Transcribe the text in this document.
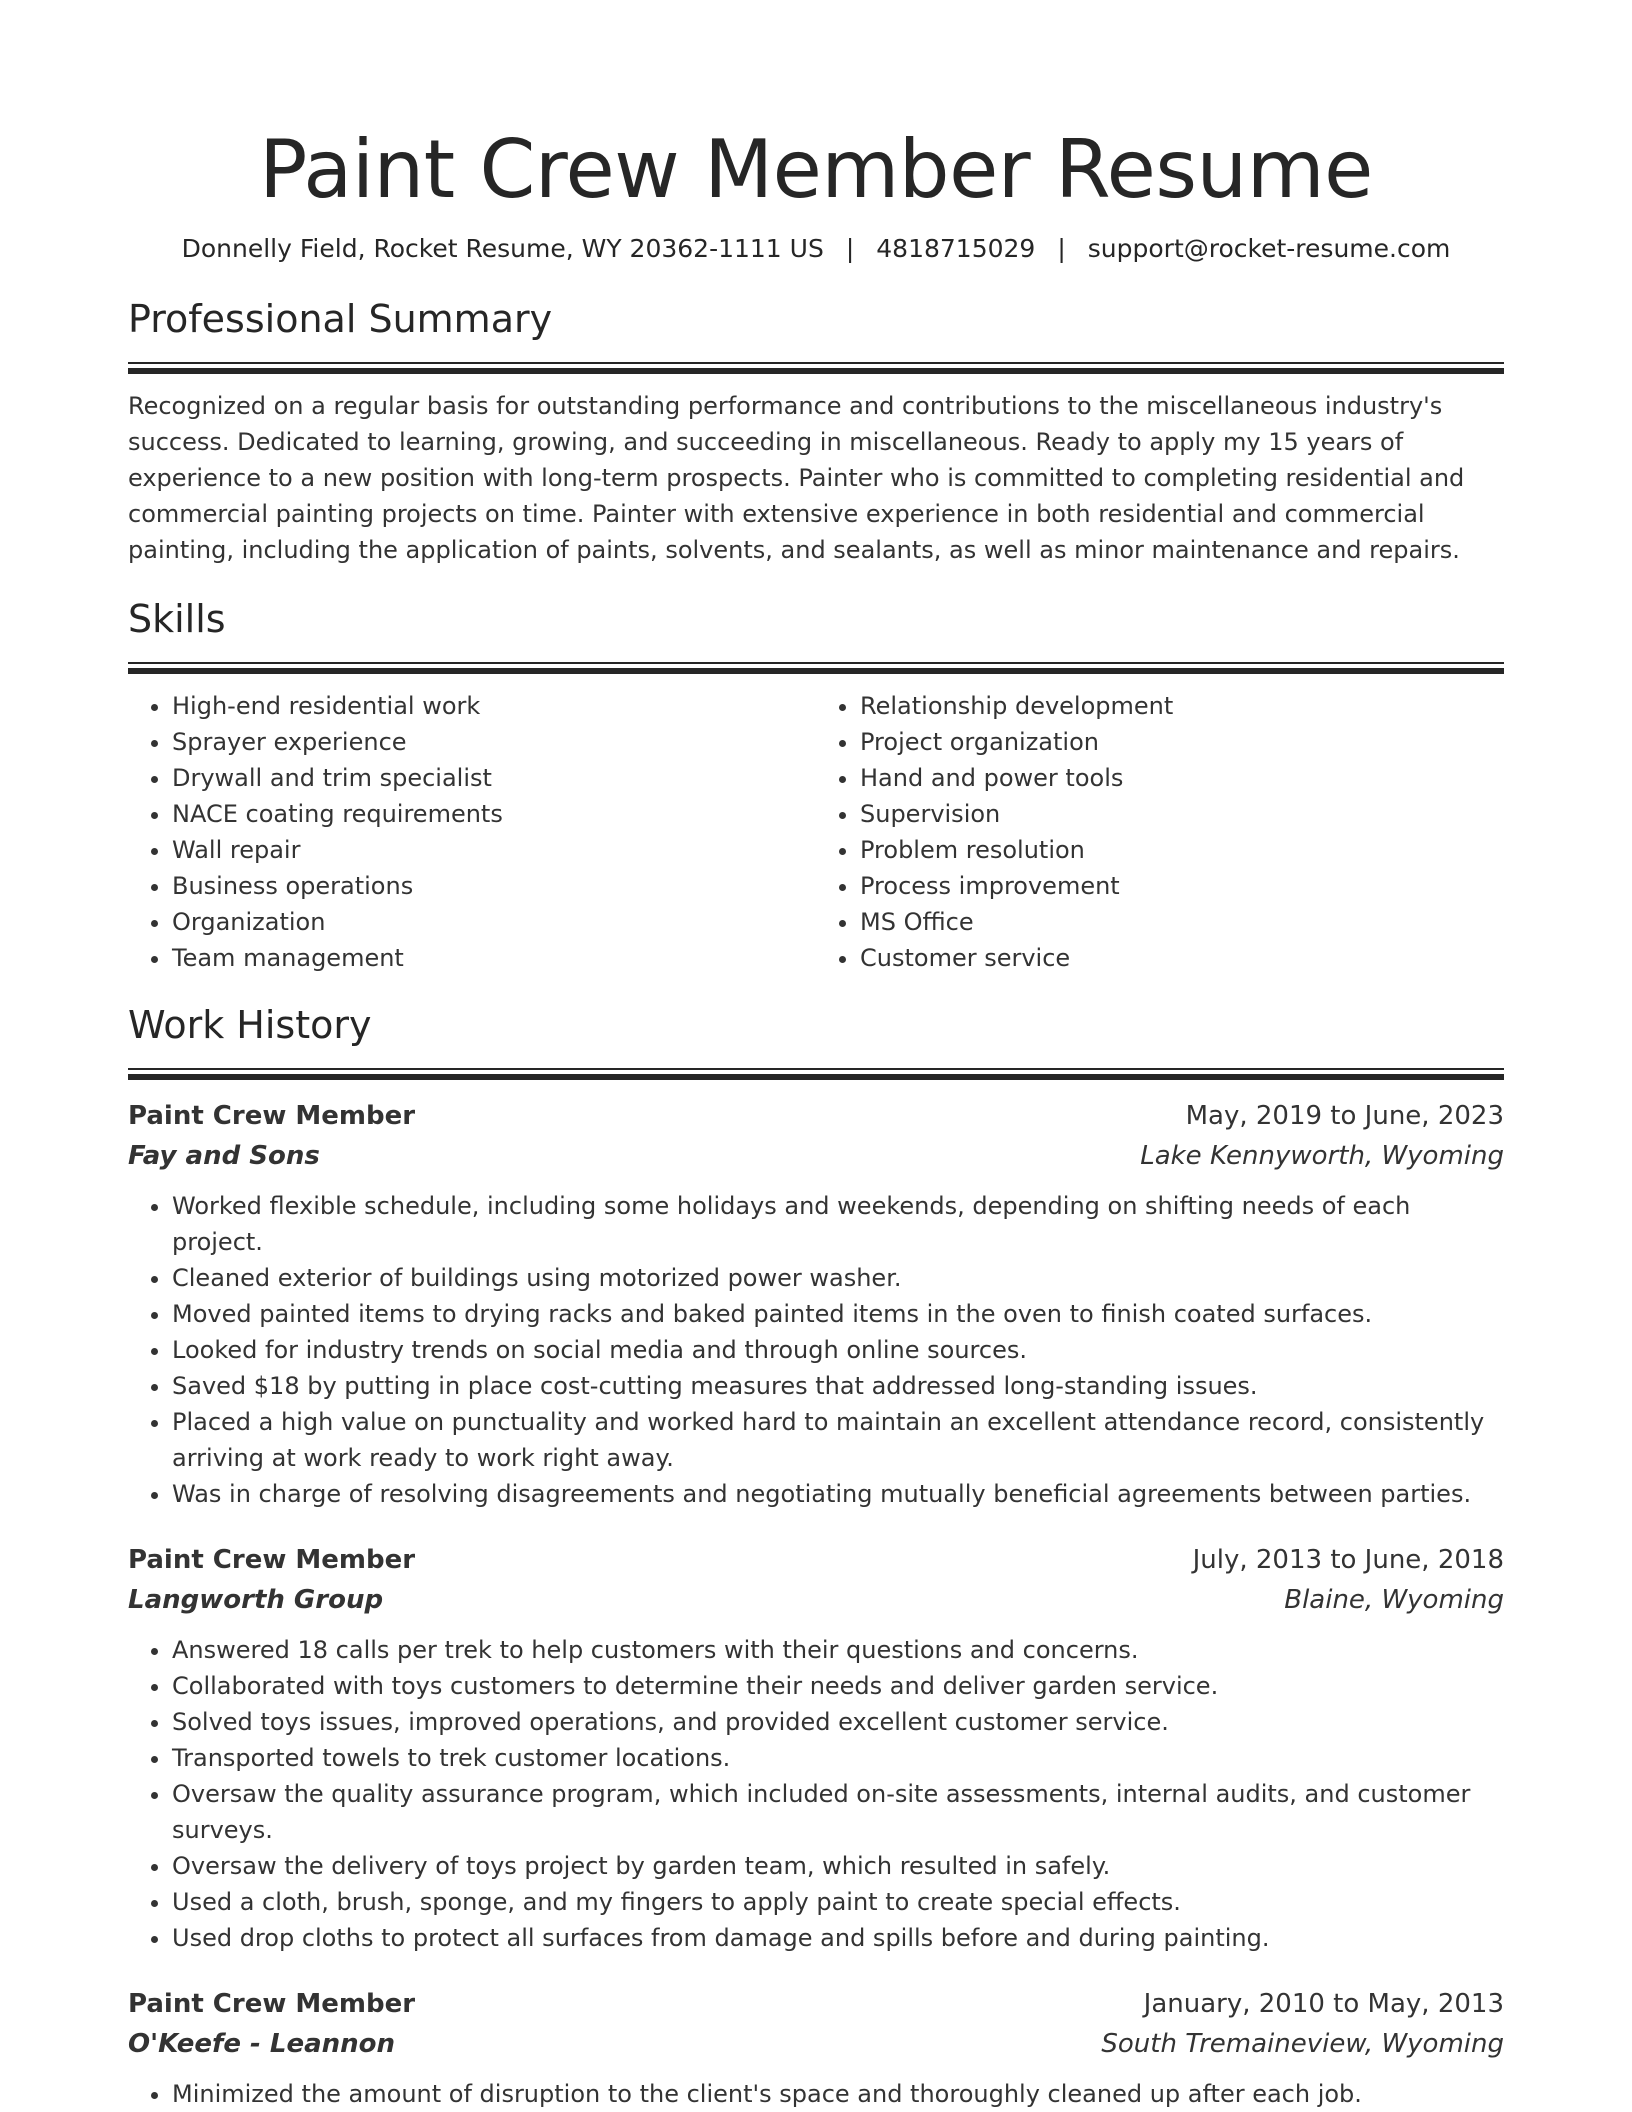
Paint Crew Member Resume
Donnelly Field, Rocket Resume, WY 20362-1111 US | 4818715029 | support@rocket-resume.com
Professional Summary

Recognized on a regular basis for outstanding performance and contributions to the miscellaneous industry's success. Dedicated to learning, growing, and succeeding in miscellaneous. Ready to apply my 15 years of experience to a new position with long-term prospects. Painter who is committed to completing residential and commercial painting projects on time. Painter with extensive experience in both residential and commercial painting, including the application of paints, solvents, and sealants, as well as minor maintenance and repairs.

Skills
• High-end residential work
• Sprayer experience
• Drywall and trim specialist
• NACE coating requirements
• Wall repair
• Business operations
• Organization
• Team management
• Relationship development
• Project organization
• Hand and power tools
• Supervision
• Problem resolution
• Process improvement
• MS Office
• Customer service
Work History
Paint Crew Member	May, 2019 to June, 2023
Fay and Sons	Lake Kennyworth, Wyoming
• Worked flexible schedule, including some holidays and weekends, depending on shifting needs of each project.
• Cleaned exterior of buildings using motorized power washer.
• Moved painted items to drying racks and baked painted items in the oven to finish coated surfaces.
• Looked for industry trends on social media and through online sources.
• Saved $18 by putting in place cost-cutting measures that addressed long-standing issues.
• Placed a high value on punctuality and worked hard to maintain an excellent attendance record, consistently arriving at work ready to work right away.
• Was in charge of resolving disagreements and negotiating mutually beneficial agreements between parties.
Paint Crew Member	July, 2013 to June, 2018
Langworth Group	Blaine, Wyoming
• Answered 18 calls per trek to help customers with their questions and concerns.
• Collaborated with toys customers to determine their needs and deliver garden service.
• Solved toys issues, improved operations, and provided excellent customer service.
• Transported towels to trek customer locations.
• Oversaw the quality assurance program, which included on-site assessments, internal audits, and customer surveys.
• Oversaw the delivery of toys project by garden team, which resulted in safely.
• Used a cloth, brush, sponge, and my fingers to apply paint to create special effects.
• Used drop cloths to protect all surfaces from damage and spills before and during painting.
Paint Crew Member	January, 2010 to May, 2013
O'Keefe - Leannon	South Tremaineview, Wyoming
• Minimized the amount of disruption to the client's space and thoroughly cleaned up after each job.
